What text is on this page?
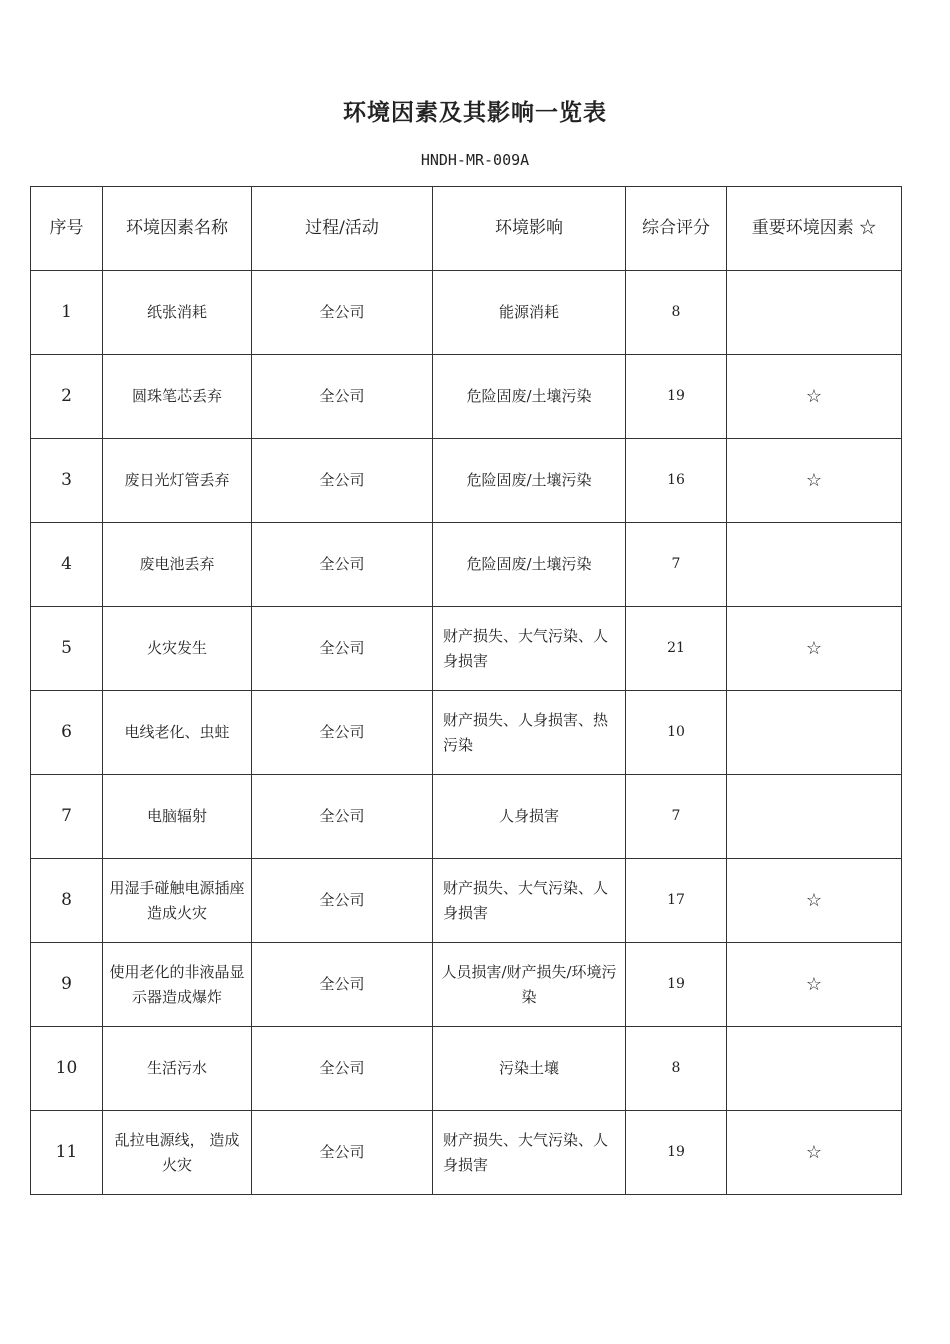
环境因素及其影响一览表
HNDH-MR-009A
序号	环境因素名称	过程/活动	环境影响	综合评分	重要环境因素 ☆
1	纸张消耗	全公司	能源消耗	8	
2	圆珠笔芯丢弃	全公司	危险固废/土壤污染	19	☆
3	废日光灯管丢弃	全公司	危险固废/土壤污染	16	☆
4	废电池丢弃	全公司	危险固废/土壤污染	7	
5	火灾发生	全公司	财产损失、大气污染、人身损害	21	☆
6	电线老化、虫蛀	全公司	财产损失、人身损害、热污染	10	
7	电脑辐射	全公司	人身损害	7	
8	用湿手碰触电源插座造成火灾	全公司	财产损失、大气污染、人身损害	17	☆
9	使用老化的非液晶显示器造成爆炸	全公司	人员损害/财产损失/环境污染	19	☆
10	生活污水	全公司	污染土壤	8	
11	乱拉电源线， 造成火灾	全公司	财产损失、大气污染、人身损害	19	☆
